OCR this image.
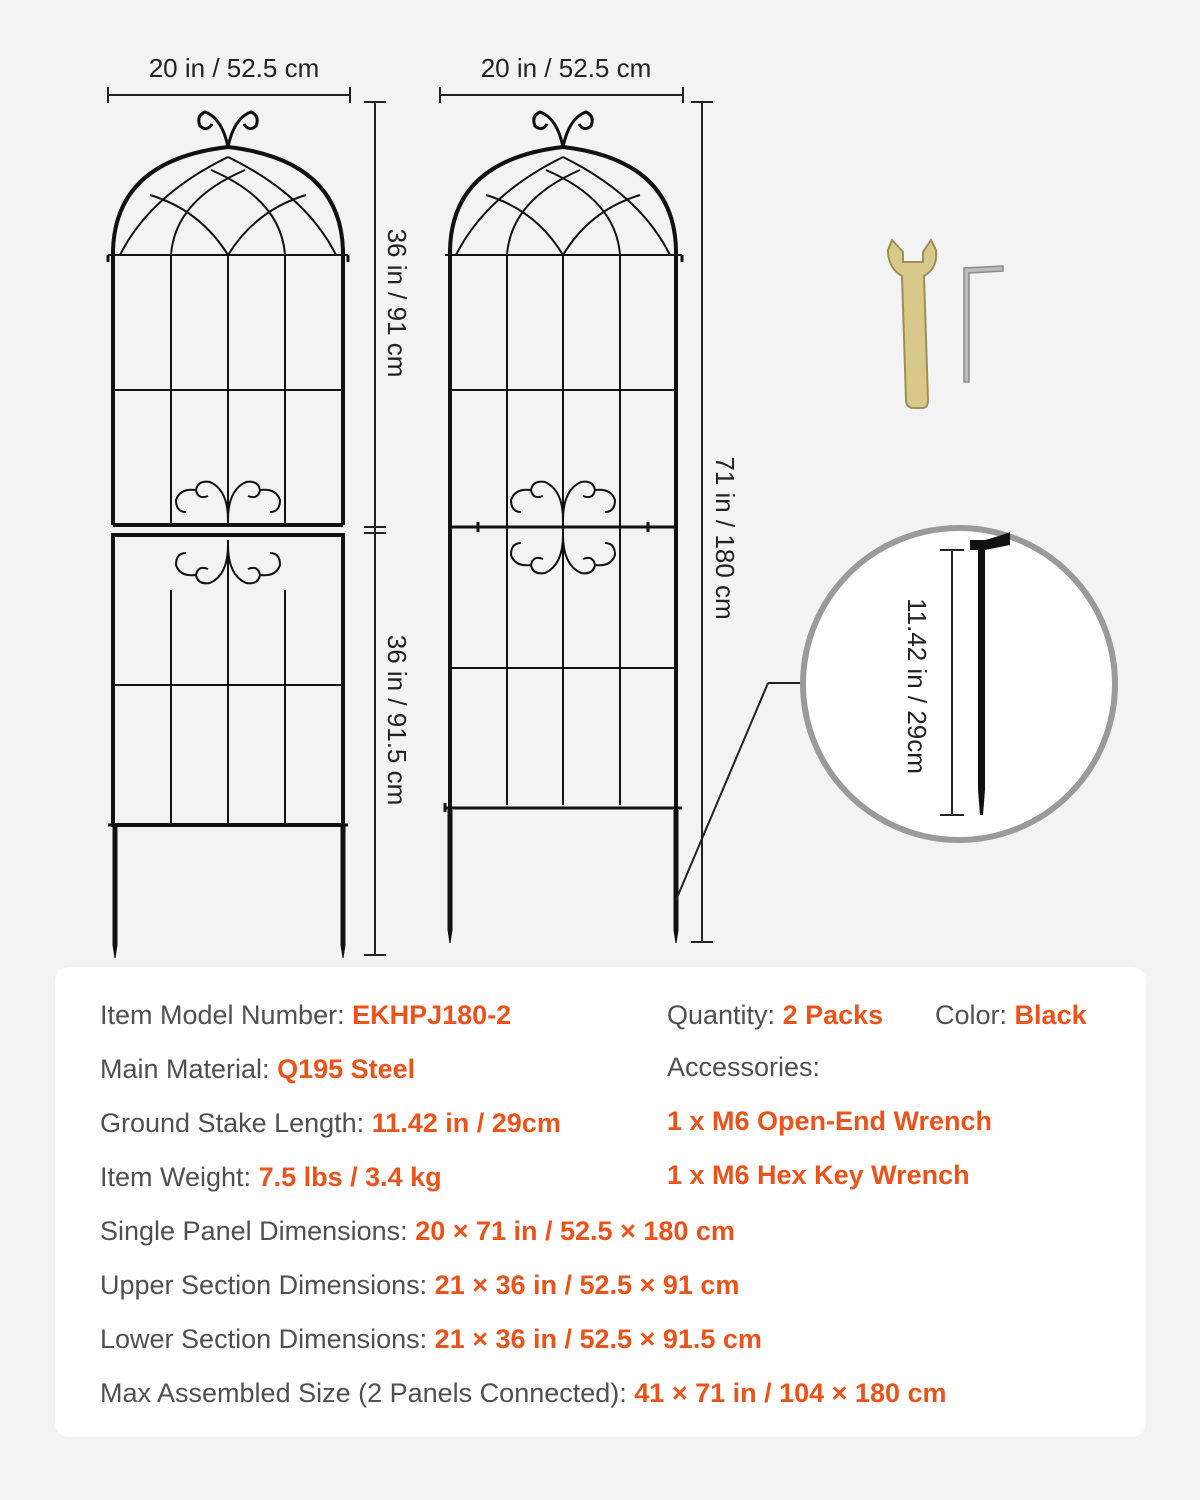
20 in / 52.5 cm	20 in / 52.5 cm
36 in / 91 cm
36 in / 91.5 cm
71 in / 180 cm
11.42 in / 29cm
Item Model Number: EKHPJ180-2
Main Material: Q195 Steel
Ground Stake Length: 11.42 in / 29cm
Item Weight: 7.5 lbs / 3.4 kg
Single Panel Dimensions: 20 × 71 in / 52.5 × 180 cm
Upper Section Dimensions: 21 × 36 in / 52.5 × 91 cm
Lower Section Dimensions: 21 × 36 in / 52.5 × 91.5 cm
Max Assembled Size (2 Panels Connected): 41 × 71 in / 104 × 180 cm
Quantity: 2 Packs Color: Black
Accessories:
1 x M6 Open-End Wrench
1 x M6 Hex Key Wrench
